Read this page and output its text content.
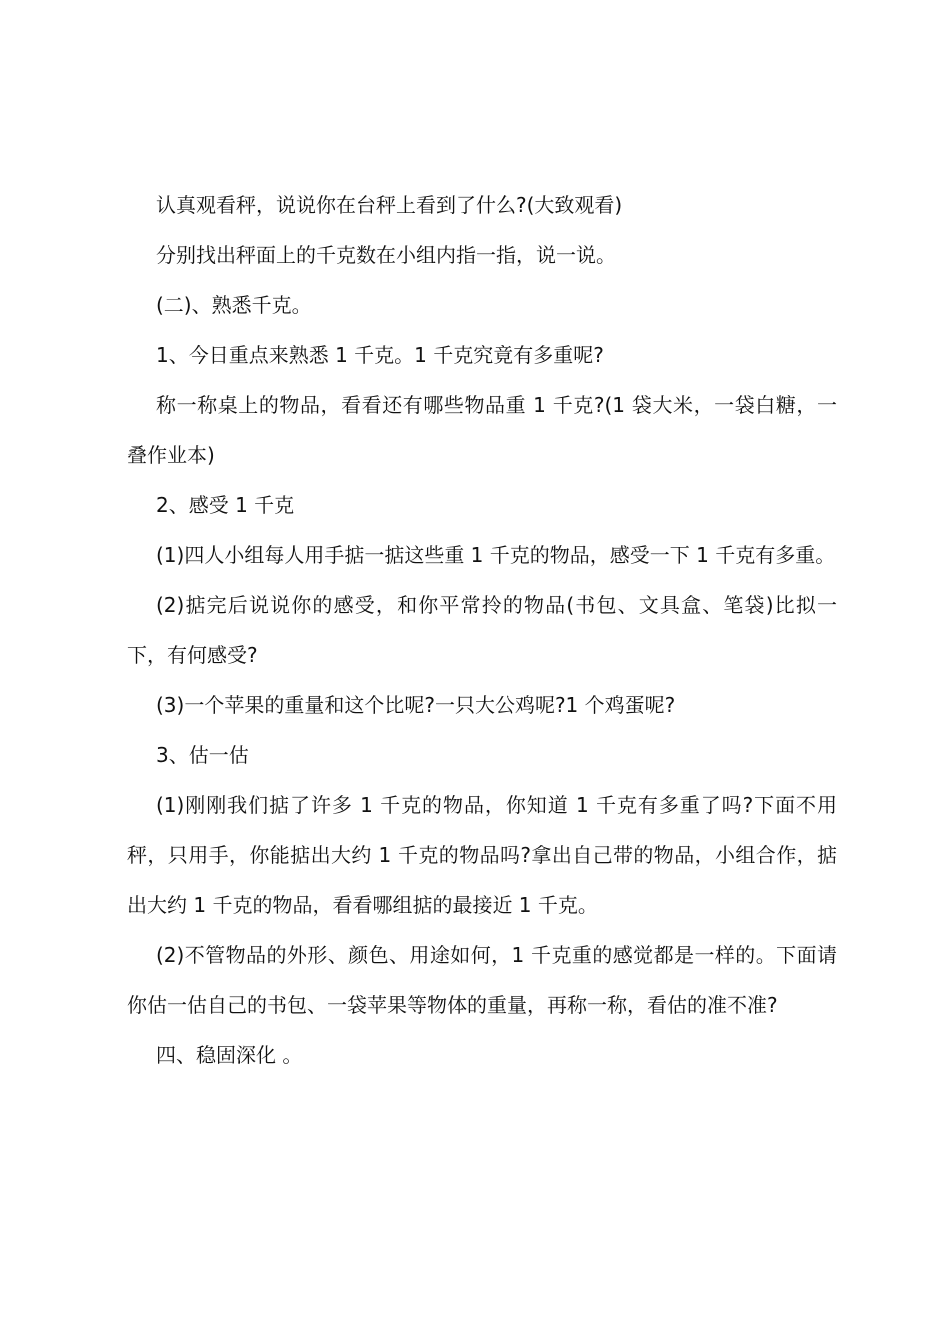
认真观看秤，说说你在台秤上看到了什么?(大致观看)

分别找出秤面上的千克数在小组内指一指，说一说。

(二)、熟悉千克。

1、今日重点来熟悉 1 千克。1 千克究竟有多重呢?

称一称桌上的物品，看看还有哪些物品重 1 千克?(1 袋大米，一袋白糖，一叠作业本)

2、感受 1 千克

(1)四人小组每人用手掂一掂这些重 1 千克的物品，感受一下 1 千克有多重。

(2)掂完后说说你的感受，和你平常拎的物品(书包、文具盒、笔袋)比拟一下，有何感受?

(3)一个苹果的重量和这个比呢?一只大公鸡呢?1 个鸡蛋呢?

3、估一估

(1)刚刚我们掂了许多 1 千克的物品，你知道 1 千克有多重了吗?下面不用秤，只用手，你能掂出大约 1 千克的物品吗?拿出自己带的物品，小组合作，掂出大约 1 千克的物品，看看哪组掂的最接近 1 千克。

(2)不管物品的外形、颜色、用途如何，1 千克重的感觉都是一样的。下面请你估一估自己的书包、一袋苹果等物体的重量，再称一称，看估的准不准?

四、稳固深化 。
